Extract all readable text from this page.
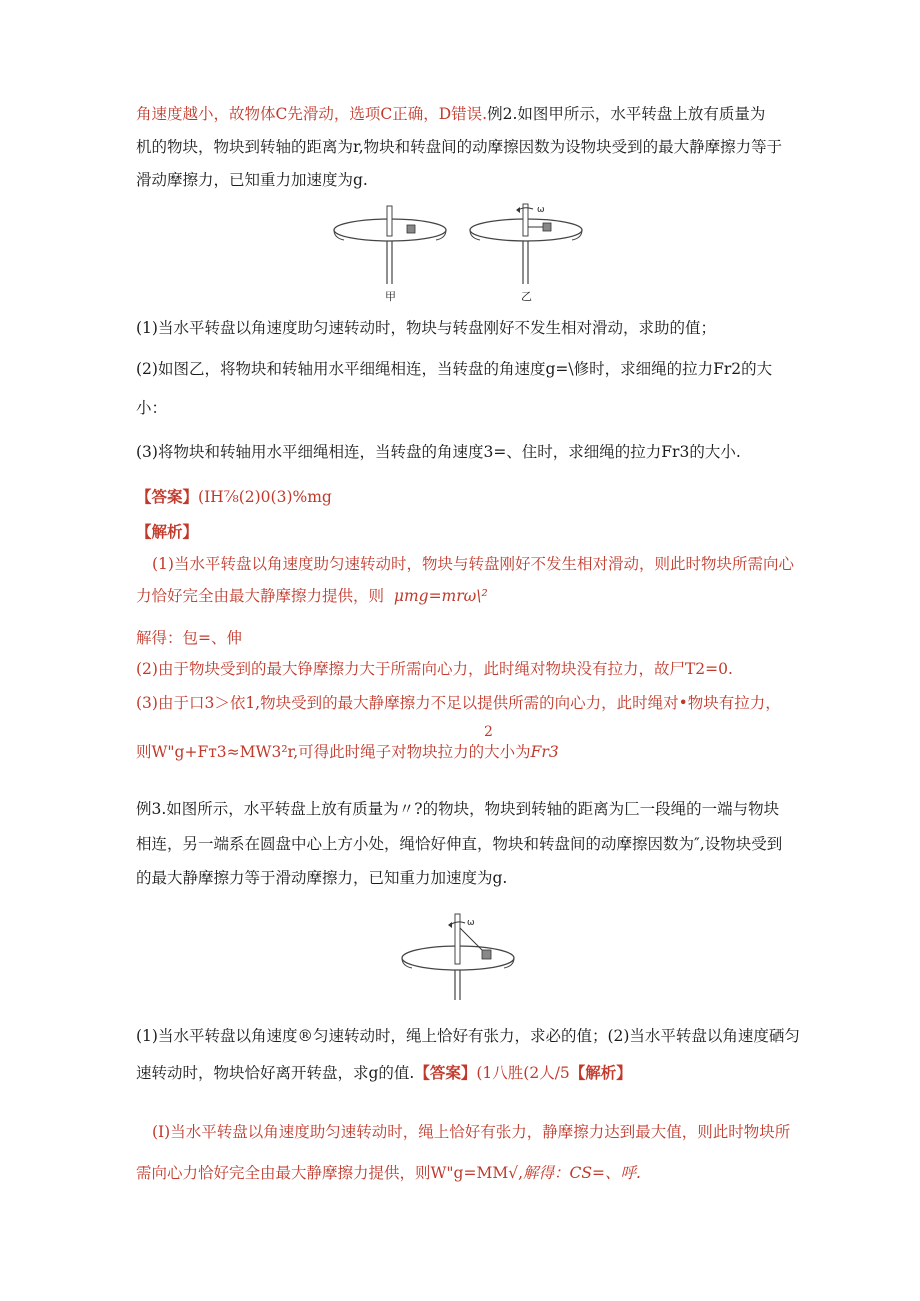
角速度越小，故物体C先滑动，选项C正确，D错误.例2.如图甲所示，水平转盘上放有质量为
机的物块，物块到转轴的距离为r,物块和转盘间的动摩擦因数为设物块受到的最大静摩擦力等于
滑动摩擦力，已知重力加速度为g.
甲
ω
乙
(1)当水平转盘以角速度助匀速转动时，物块与转盘刚好不发生相对滑动，求助的值；
(2)如图乙，将物块和转轴用水平细绳相连，当转盘的角速度g=\修时，求细绳的拉力Fr2的大
小：
(3)将物块和转轴用水平细绳相连，当转盘的角速度3=、住时，求细绳的拉力Fr3的大小.
【答案】(IH⅞(2)0(3)%mg
【解析】
(1)当水平转盘以角速度助匀速转动时，物块与转盘刚好不发生相对滑动，则此时物块所需向心
力恰好完全由最大静摩擦力提供，则 μmg=mrω\²
解得：包=、伸
(2)由于物块受到的最大铮摩擦力大于所需向心力，此时绳对物块没有拉力，故尸T2=0.
(3)由于口3＞依1,物块受到的最大静摩擦力不足以提供所需的向心力，此时绳对•物块有拉力，
2
则W"g+Fт3≈MW3²r,可得此时绳子对物块拉力的大小为Fr3
例3.如图所示，水平转盘上放有质量为〃?的物块，物块到转轴的距离为匚一段绳的一端与物块
相连，另一端系在圆盘中心上方小处，绳恰好伸直，物块和转盘间的动摩擦因数为″,设物块受到
的最大静摩擦力等于滑动摩擦力，已知重力加速度为g.
ω
(1)当水平转盘以角速度®匀速转动时，绳上恰好有张力，求必的值；(2)当水平转盘以角速度硒匀
速转动时，物块恰好离开转盘，求g的值.【答案】(1八胜(2人/5【解析】
(I)当水平转盘以角速度助匀速转动时，绳上恰好有张力，静摩擦力达到最大值，则此时物块所
需向心力恰好完全由最大静摩擦力提供，则W"g=MM√,解得：CS=、呼.
